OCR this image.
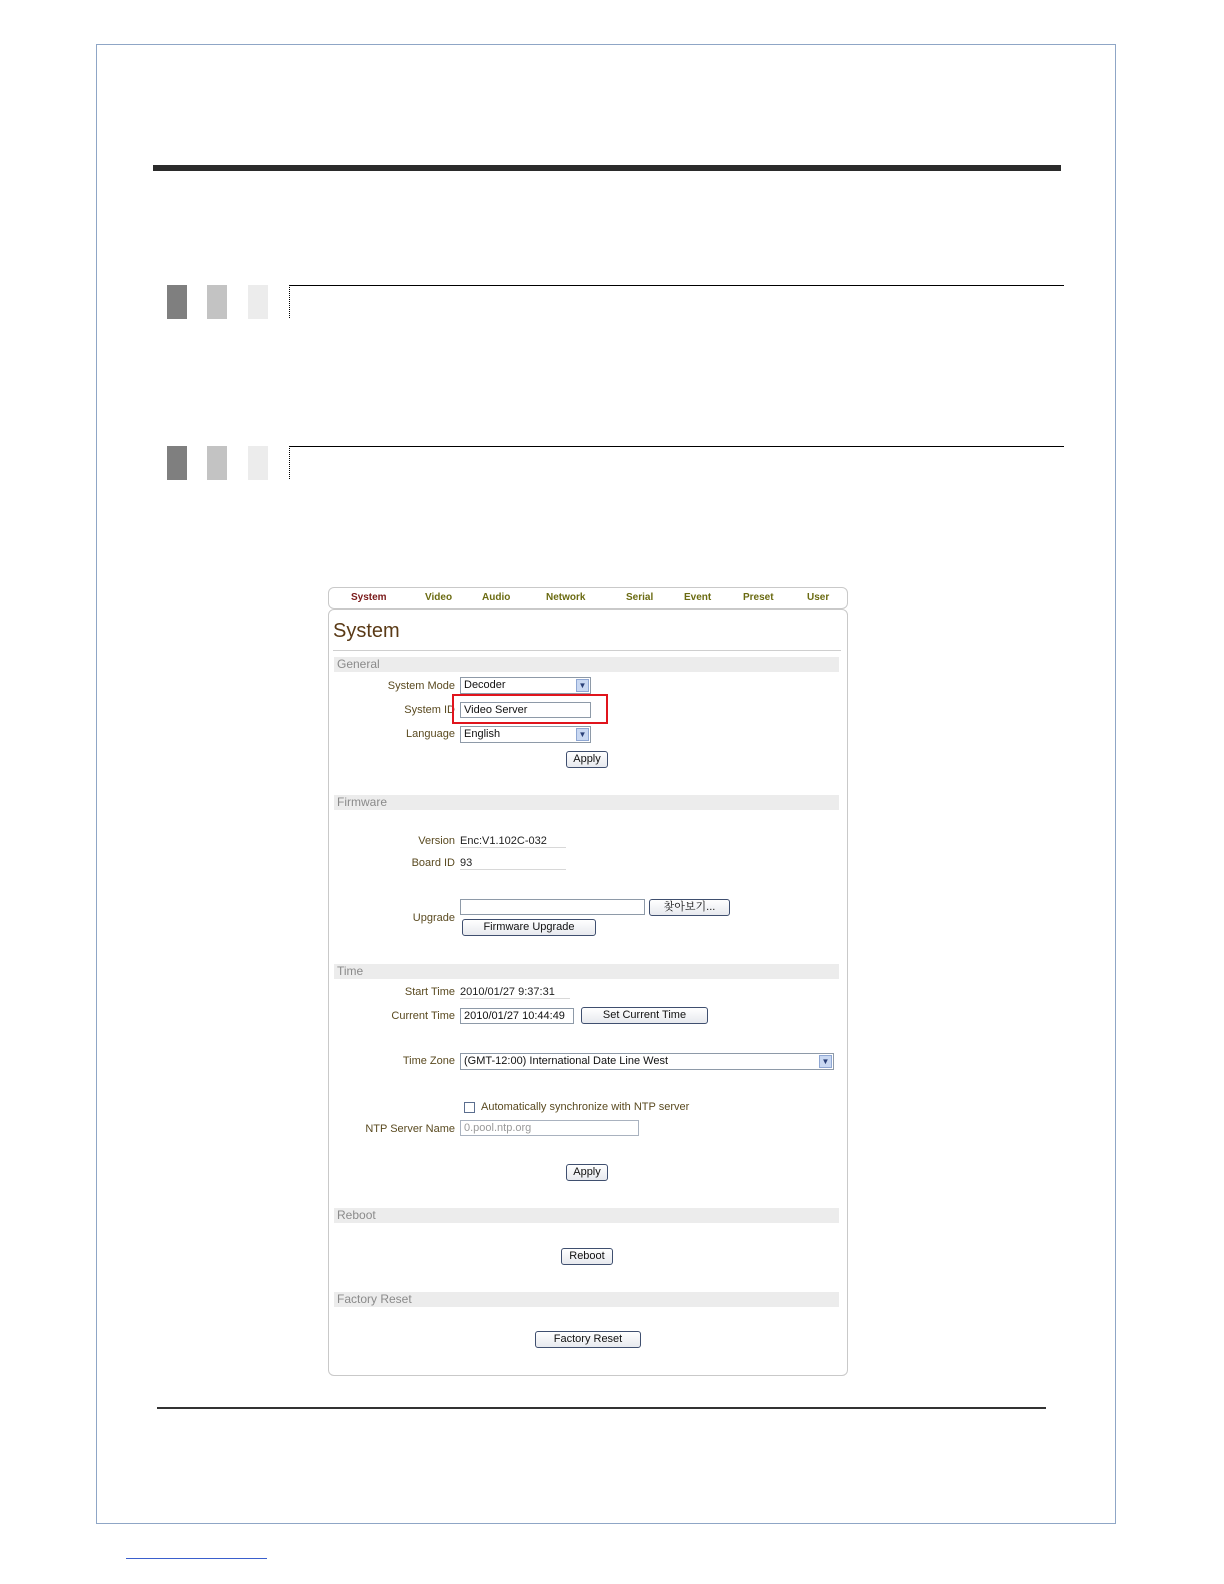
System	Video	Audio	Network	Serial	Event	Preset	User
System
General
System Mode Decoder	▼
System ID Video Server
Language English	▼
Apply
Firmware
Version Enc:V1.102C-032
Board ID 93
Upgrade
찾아보기...
Firmware Upgrade
Time
Start Time 2010/01/27 9:37:31
Current Time 2010/01/27 10:44:49	Set Current Time
Time Zone (GMT-12:00) International Date Line West	▼
Automatically synchronize with NTP server
NTP Server Name 0.pool.ntp.org
Apply
Reboot
Reboot
Factory Reset
Factory Reset
